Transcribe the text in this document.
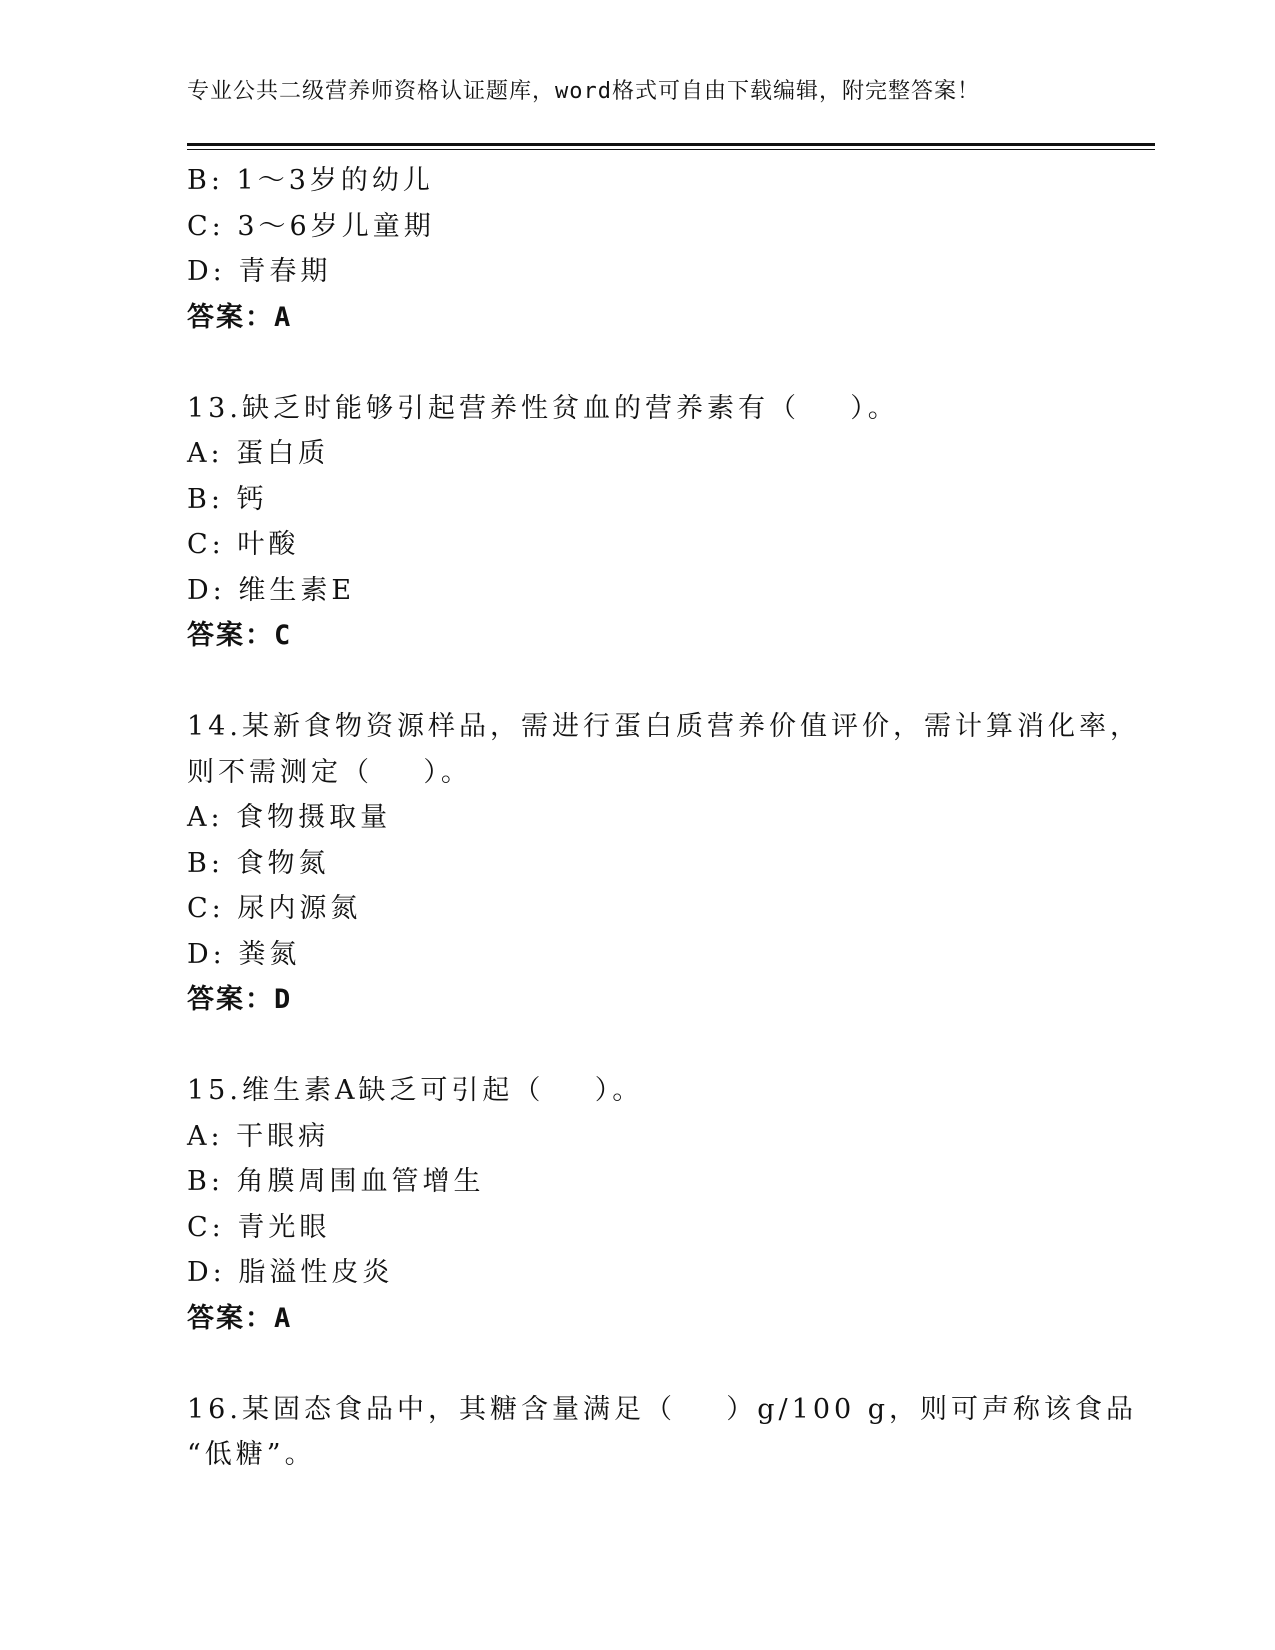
专业公共二级营养师资格认证题库，word格式可自由下载编辑，附完整答案！
B: 1～3岁的幼儿
C: 3～6岁儿童期
D: 青春期
答案：A
13.缺乏时能够引起营养性贫血的营养素有（    ）。
A: 蛋白质
B: 钙
C: 叶酸
D: 维生素E
答案：C
14.某新食物资源样品，需进行蛋白质营养价值评价，需计算消化率，
则不需测定（    ）。
A: 食物摄取量
B: 食物氮
C: 尿内源氮
D: 粪氮
答案：D
15.维生素A缺乏可引起（    ）。
A: 干眼病
B: 角膜周围血管增生
C: 青光眼
D: 脂溢性皮炎
答案：A
16.某固态食品中，其糖含量满足（    ）g/100 g，则可声称该食品
“低糖”。
